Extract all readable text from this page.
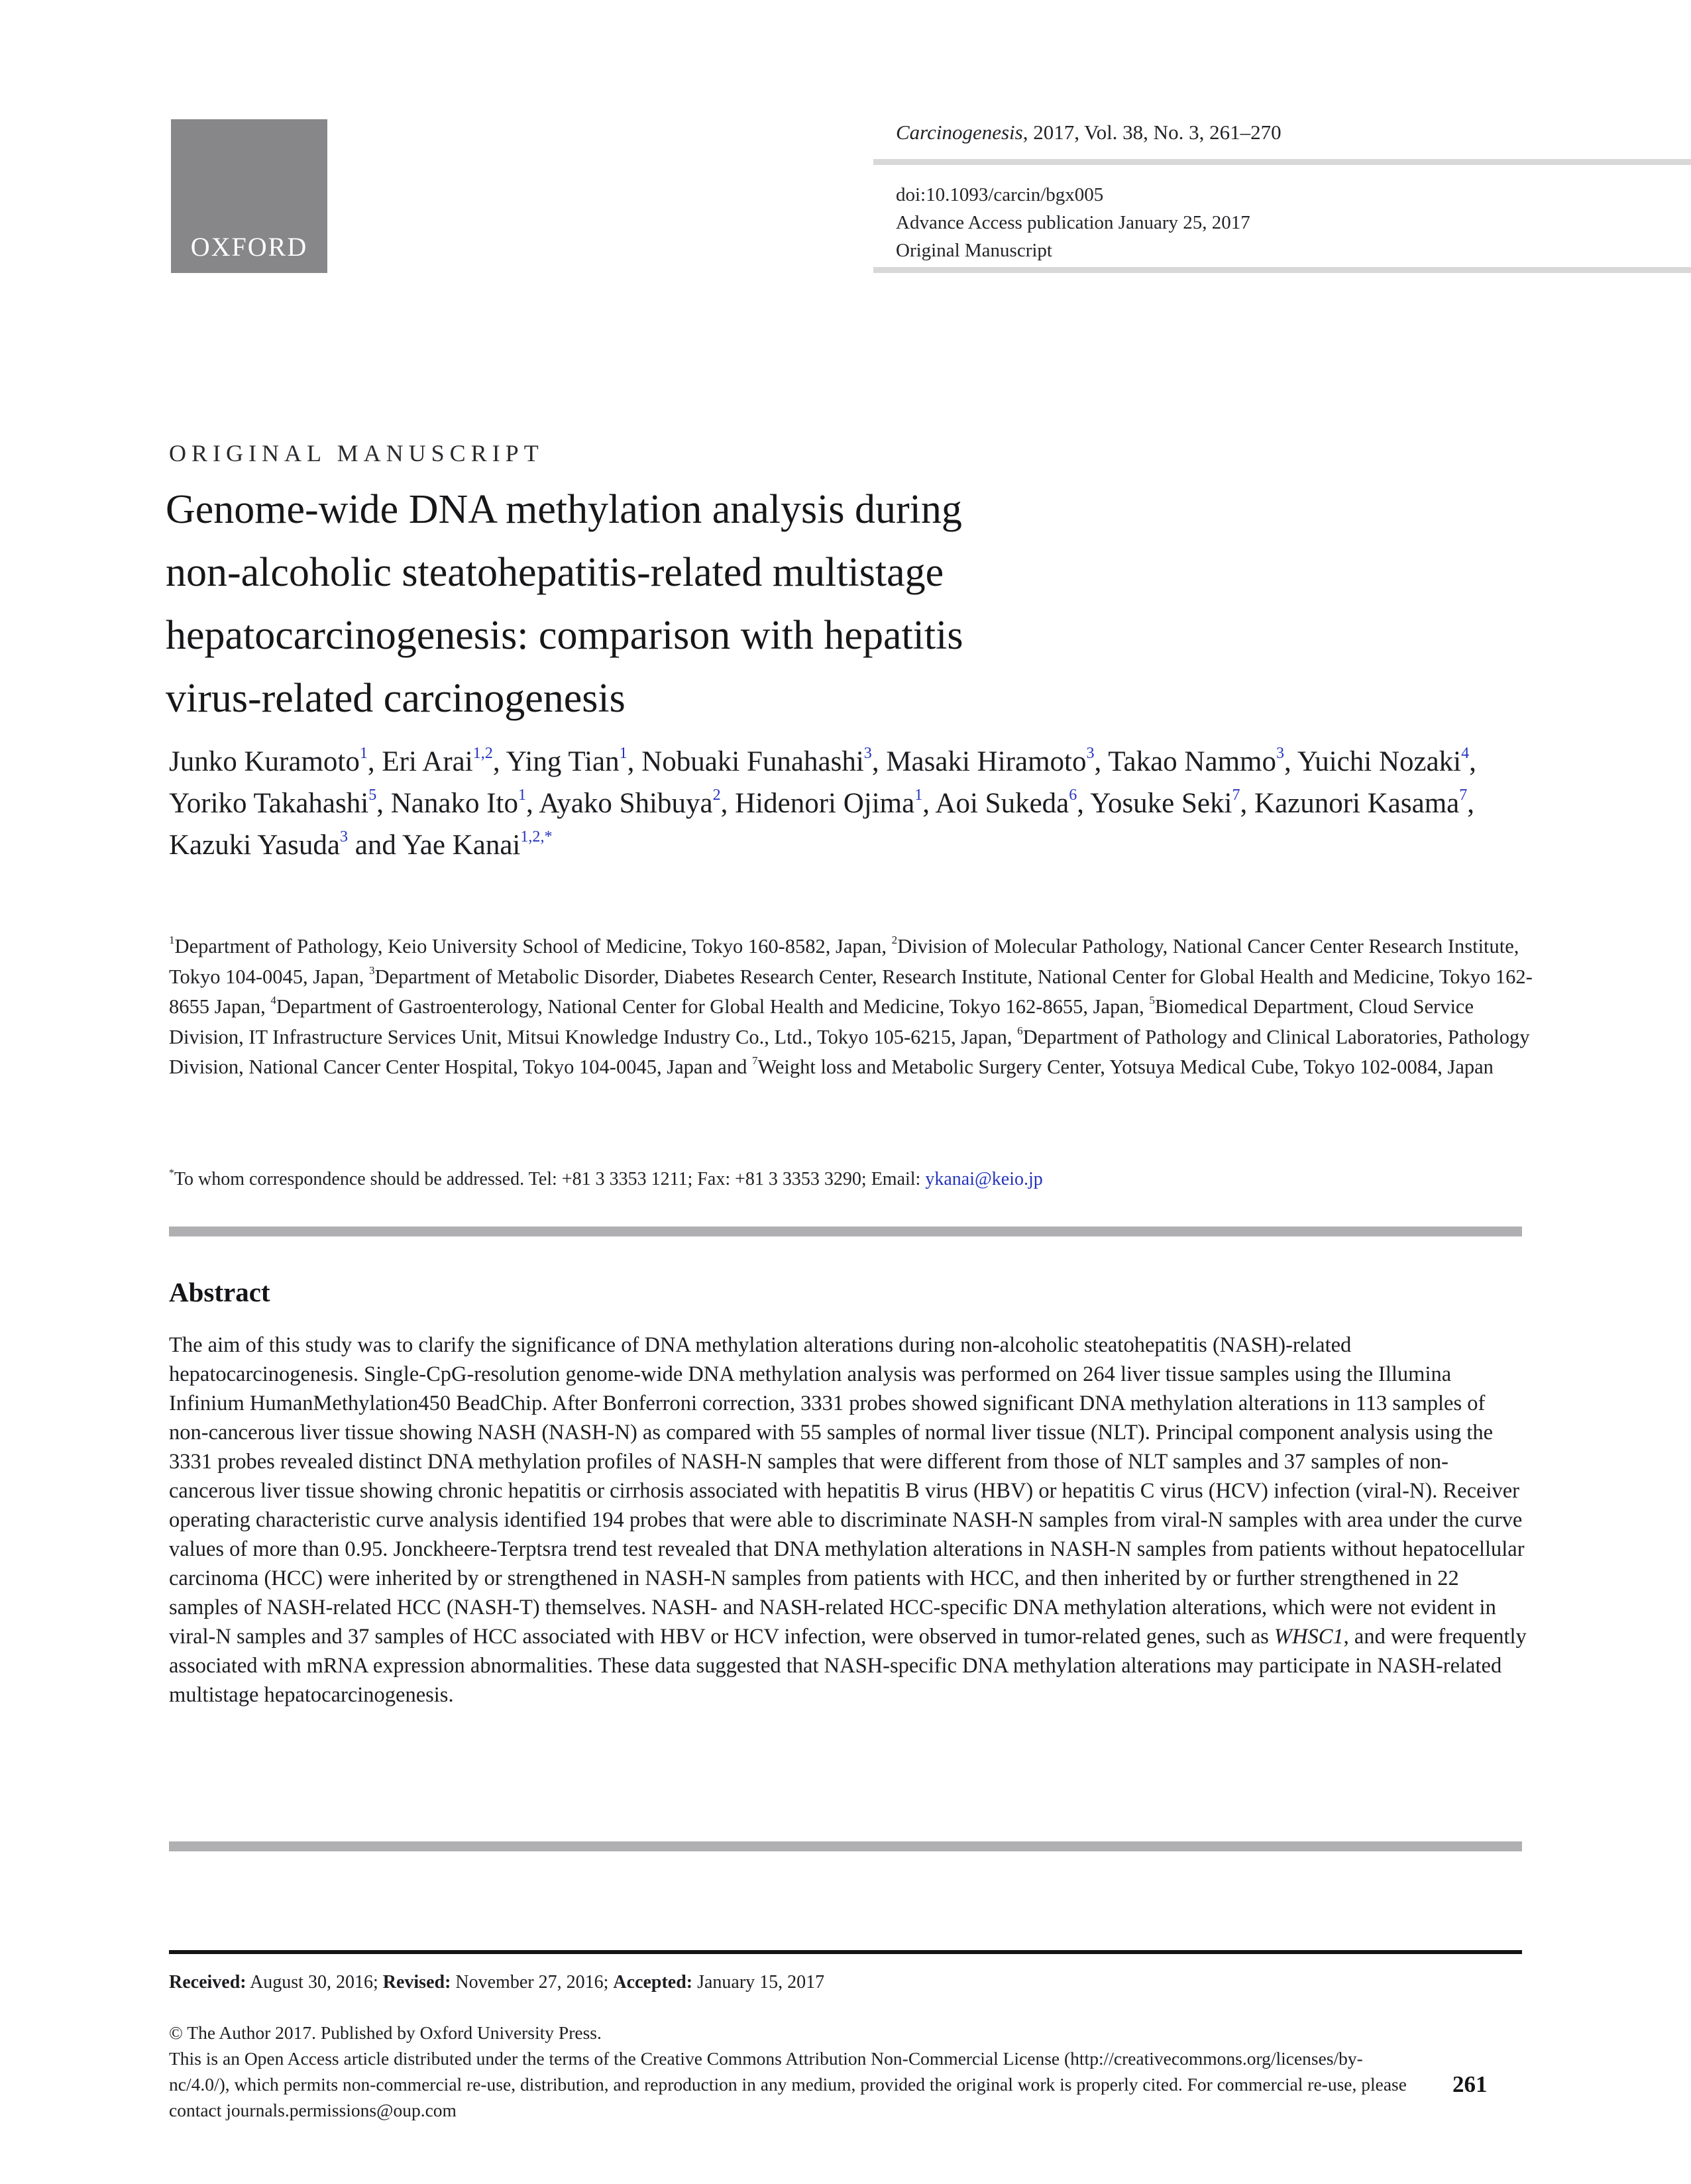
OXFORD
Carcinogenesis, 2017, Vol. 38, No. 3, 261–270
doi:10.1093/carcin/bgx005
Advance Access publication January 25, 2017
Original Manuscript
ORIGINAL MANUSCRIPT
Genome-wide DNA methylation analysis during
non-alcoholic steatohepatitis-related multistage
hepatocarcinogenesis: comparison with hepatitis
virus-related carcinogenesis
Junko Kuramoto$^1$, Eri Arai$^{1,2}$, Ying Tian$^1$, Nobuaki Funahashi$^3$, Masaki Hiramoto$^3$, Takao Nammo$^3$, Yuichi Nozaki$^4$, Yoriko Takahashi$^5$, Nanako Ito$^1$, Ayako Shibuya$^2$, Hidenori Ojima$^1$, Aoi Sukeda$^6$, Yosuke Seki$^7$, Kazunori Kasama$^7$, Kazuki Yasuda$^3$ and Yae Kanai$^{1,2,*}$
$^1$Department of Pathology, Keio University School of Medicine, Tokyo 160-8582, Japan, $^2$Division of Molecular Pathology, National Cancer Center Research Institute, Tokyo 104-0045, Japan, $^3$Department of Metabolic Disorder, Diabetes Research Center, Research Institute, National Center for Global Health and Medicine, Tokyo 162-8655 Japan, $^4$Department of Gastroenterology, National Center for Global Health and Medicine, Tokyo 162-8655, Japan, $^5$Biomedical Department, Cloud Service Division, IT Infrastructure Services Unit, Mitsui Knowledge Industry Co., Ltd., Tokyo 105-6215, Japan, $^6$Department of Pathology and Clinical Laboratories, Pathology Division, National Cancer Center Hospital, Tokyo 104-0045, Japan and $^7$Weight loss and Metabolic Surgery Center, Yotsuya Medical Cube, Tokyo 102-0084, Japan
*To whom correspondence should be addressed. Tel: +81 3 3353 1211; Fax: +81 3 3353 3290; Email: ykanai@keio.jp
Abstract
The aim of this study was to clarify the significance of DNA methylation alterations during non-alcoholic steatohepatitis (NASH)-related hepatocarcinogenesis. Single-CpG-resolution genome-wide DNA methylation analysis was performed on 264 liver tissue samples using the Illumina Infinium HumanMethylation450 BeadChip. After Bonferroni correction, 3331 probes showed significant DNA methylation alterations in 113 samples of non-cancerous liver tissue showing NASH (NASH-N) as compared with 55 samples of normal liver tissue (NLT). Principal component analysis using the 3331 probes revealed distinct DNA methylation profiles of NASH-N samples that were different from those of NLT samples and 37 samples of non-cancerous liver tissue showing chronic hepatitis or cirrhosis associated with hepatitis B virus (HBV) or hepatitis C virus (HCV) infection (viral-N). Receiver operating characteristic curve analysis identified 194 probes that were able to discriminate NASH-N samples from viral-N samples with area under the curve values of more than 0.95. Jonckheere-Terptsra trend test revealed that DNA methylation alterations in NASH-N samples from patients without hepatocellular carcinoma (HCC) were inherited by or strengthened in NASH-N samples from patients with HCC, and then inherited by or further strengthened in 22 samples of NASH-related HCC (NASH-T) themselves. NASH- and NASH-related HCC-specific DNA methylation alterations, which were not evident in viral-N samples and 37 samples of HCC associated with HBV or HCV infection, were observed in tumor-related genes, such as WHSC1, and were frequently associated with mRNA expression abnormalities. These data suggested that NASH-specific DNA methylation alterations may participate in NASH-related multistage hepatocarcinogenesis.
Received: August 30, 2016; Revised: November 27, 2016; Accepted: January 15, 2017
© The Author 2017. Published by Oxford University Press.
This is an Open Access article distributed under the terms of the Creative Commons Attribution Non-Commercial License (http://creativecommons.org/licenses/by-nc/4.0/), which permits non-commercial re-use, distribution, and reproduction in any medium, provided the original work is properly cited. For commercial re-use, please contact journals.permissions@oup.com
261
